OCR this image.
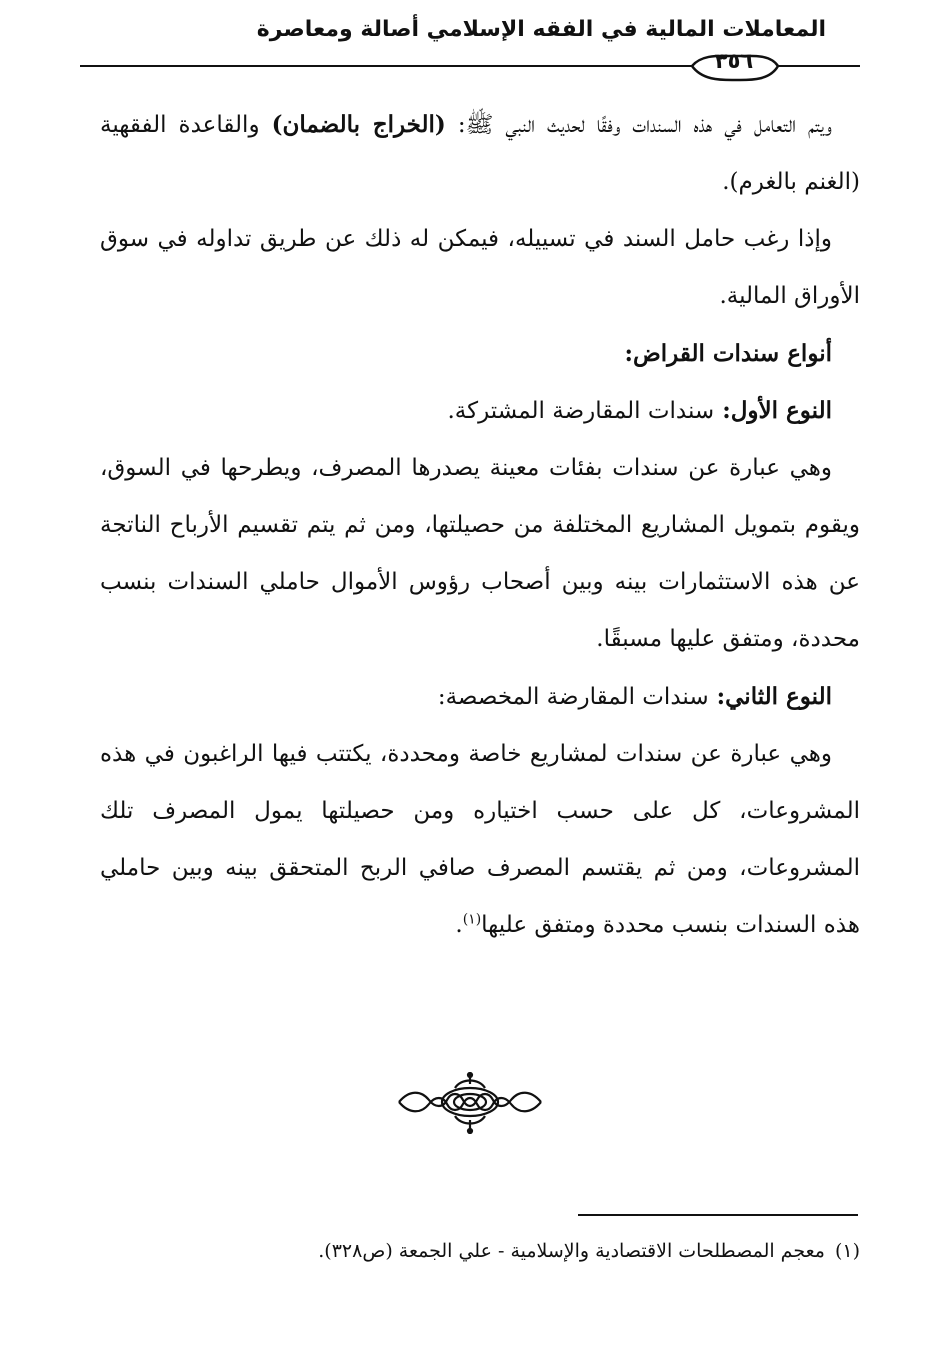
المعاملات المالية في الفقه الإسلامي أصالة ومعاصرة
٣٥٦

ويتم التعامل في هذه السندات وفقًا لحديث النبي ﷺ: (الخراج بالضمان) والقاعدة الفقهية (الغنم بالغرم).

وإذا رغب حامل السند في تسييله، فيمكن له ذلك عن طريق تداوله في سوق الأوراق المالية.

أنواع سندات القراض:

النوع الأول: سندات المقارضة المشتركة.

وهي عبارة عن سندات بفئات معينة يصدرها المصرف، ويطرحها في السوق، ويقوم بتمويل المشاريع المختلفة من حصيلتها، ومن ثم يتم تقسيم الأرباح الناتجة عن هذه الاستثمارات بينه وبين أصحاب رؤوس الأموال حاملي السندات بنسب محددة، ومتفق عليها مسبقًا.

النوع الثاني: سندات المقارضة المخصصة:

وهي عبارة عن سندات لمشاريع خاصة ومحددة، يكتتب فيها الراغبون في هذه المشروعات، كل على حسب اختياره ومن حصيلتها يمول المصرف تلك المشروعات، ومن ثم يقتسم المصرف صافي الربح المتحقق بينه وبين حاملي هذه السندات بنسب محددة ومتفق عليها$^{(١)}$.

(١)معجم المصطلحات الاقتصادية والإسلامية - علي الجمعة (ص٣٢٨).
